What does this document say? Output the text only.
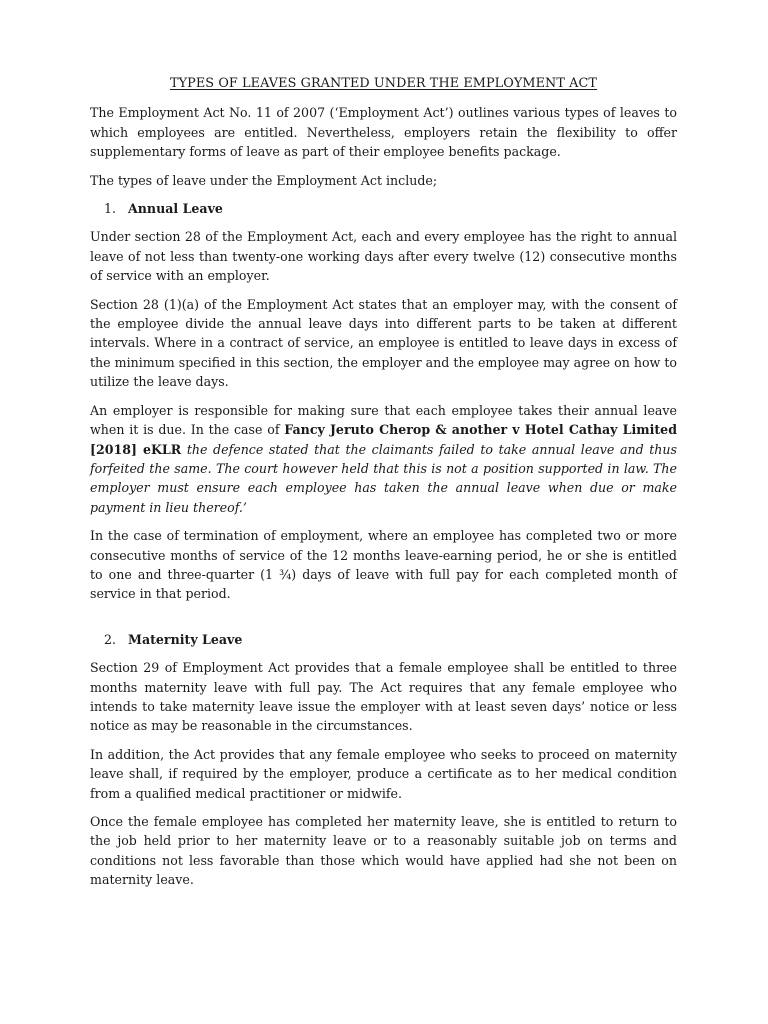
TYPES OF LEAVES GRANTED UNDER THE EMPLOYMENT ACT

The Employment Act No. 11 of 2007 (‘Employment Act’) outlines various types of leaves to which employees are entitled. Nevertheless, employers retain the flexibility to offer supplementary forms of leave as part of their employee benefits package.

The types of leave under the Employment Act include;

1. Annual Leave

Under section 28 of the Employment Act, each and every employee has the right to annual leave of not less than twenty-one working days after every twelve (12) consecutive months of service with an employer.

Section 28 (1)(a) of the Employment Act states that an employer may, with the consent of the employee divide the annual leave days into different parts to be taken at different intervals. Where in a contract of service, an employee is entitled to leave days in excess of the minimum specified in this section, the employer and the employee may agree on how to utilize the leave days.

An employer is responsible for making sure that each employee takes their annual leave when it is due. In the case of Fancy Jeruto Cherop & another v Hotel Cathay Limited [2018] eKLR the defence stated that the claimants failed to take annual leave and thus forfeited the same. The court however held that this is not a position supported in law. The employer must ensure each employee has taken the annual leave when due or make payment in lieu thereof.’

In the case of termination of employment, where an employee has completed two or more consecutive months of service of the 12 months leave-earning period, he or she is entitled to one and three-quarter (1 ¾) days of leave with full pay for each completed month of service in that period.

2. Maternity Leave

Section 29 of Employment Act provides that a female employee shall be entitled to three months maternity leave with full pay. The Act requires that any female employee who intends to take maternity leave issue the employer with at least seven days’ notice or less notice as may be reasonable in the circumstances.

In addition, the Act provides that any female employee who seeks to proceed on maternity leave shall, if required by the employer, produce a certificate as to her medical condition from a qualified medical practitioner or midwife.

Once the female employee has completed her maternity leave, she is entitled to return to the job held prior to her maternity leave or to a reasonably suitable job on terms and conditions not less favorable than those which would have applied had she not been on maternity leave.
